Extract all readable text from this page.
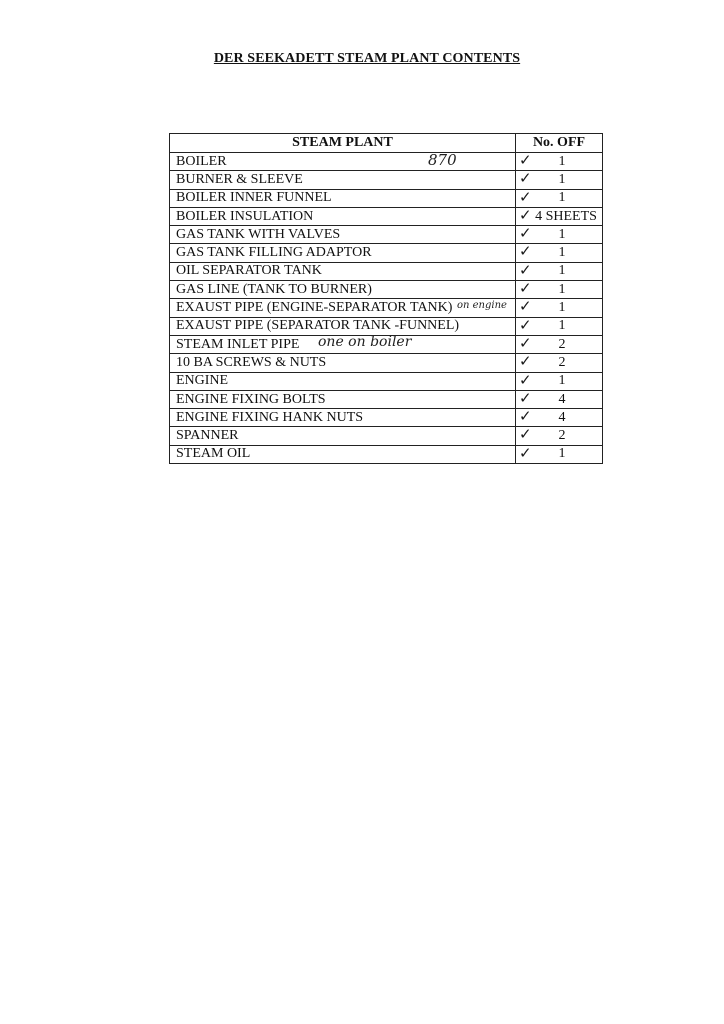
DER SEEKADETT STEAM PLANT CONTENTS
STEAM PLANT	No. OFF
BOILER 870	✓ 1
BURNER & SLEEVE	✓ 1
BOILER INNER FUNNEL	✓ 1
BOILER INSULATION	✓ 4 SHEETS
GAS TANK WITH VALVES	✓ 1
GAS TANK FILLING ADAPTOR	✓ 1
OIL SEPARATOR TANK	✓ 1
GAS LINE (TANK TO BURNER)	✓ 1
EXAUST PIPE (ENGINE-SEPARATOR TANK) on engine	✓ 1
EXAUST PIPE (SEPARATOR TANK -FUNNEL)	✓ 1
STEAM INLET PIPE one on boiler	✓ 2
10 BA SCREWS & NUTS	✓ 2
ENGINE	✓ 1
ENGINE FIXING BOLTS	✓ 4
ENGINE FIXING HANK NUTS	✓ 4
SPANNER	✓ 2
STEAM OIL	✓ 1
